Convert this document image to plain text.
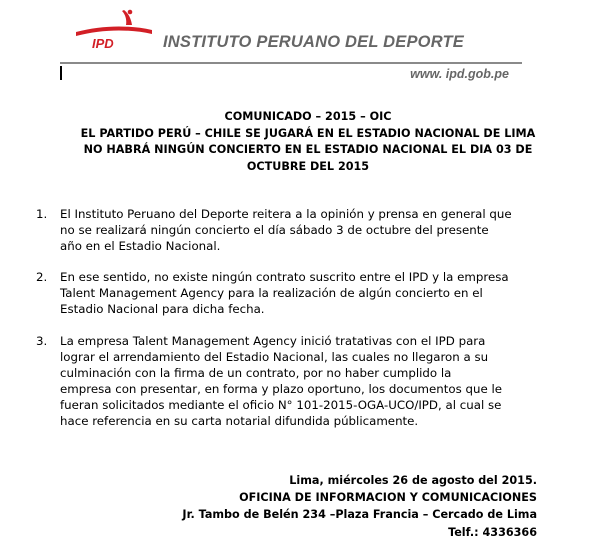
IPD	INSTITUTO PERUANO DEL DEPORTE
www. ipd.gob.pe
COMUNICADO – 2015 – OIC
EL PARTIDO PERÚ – CHILE SE JUGARÁ EN EL ESTADIO NACIONAL DE LIMA
NO HABRÁ NINGÚN CONCIERTO EN EL ESTADIO NACIONAL EL DIA 03 DE
OCTUBRE DEL 2015
1. El Instituto Peruano del Deporte reitera a la opinión y prensa en general que
no se realizará ningún concierto el día sábado 3 de octubre del presente
año en el Estadio Nacional.
2. En ese sentido, no existe ningún contrato suscrito entre el IPD y la empresa
Talent Management Agency para la realización de algún concierto en el
Estadio Nacional para dicha fecha.
3. La empresa Talent Management Agency inició tratativas con el IPD para
lograr el arrendamiento del Estadio Nacional, las cuales no llegaron a su
culminación con la firma de un contrato, por no haber cumplido la
empresa con presentar, en forma y plazo oportuno, los documentos que le
fueran solicitados mediante el oficio N° 101-2015-OGA-UCO/IPD, al cual se
hace referencia en su carta notarial difundida públicamente.
Lima, miércoles 26 de agosto del 2015.
OFICINA DE INFORMACION Y COMUNICACIONES
Jr. Tambo de Belén 234 –Plaza Francia – Cercado de Lima
Telf.: 4336366
